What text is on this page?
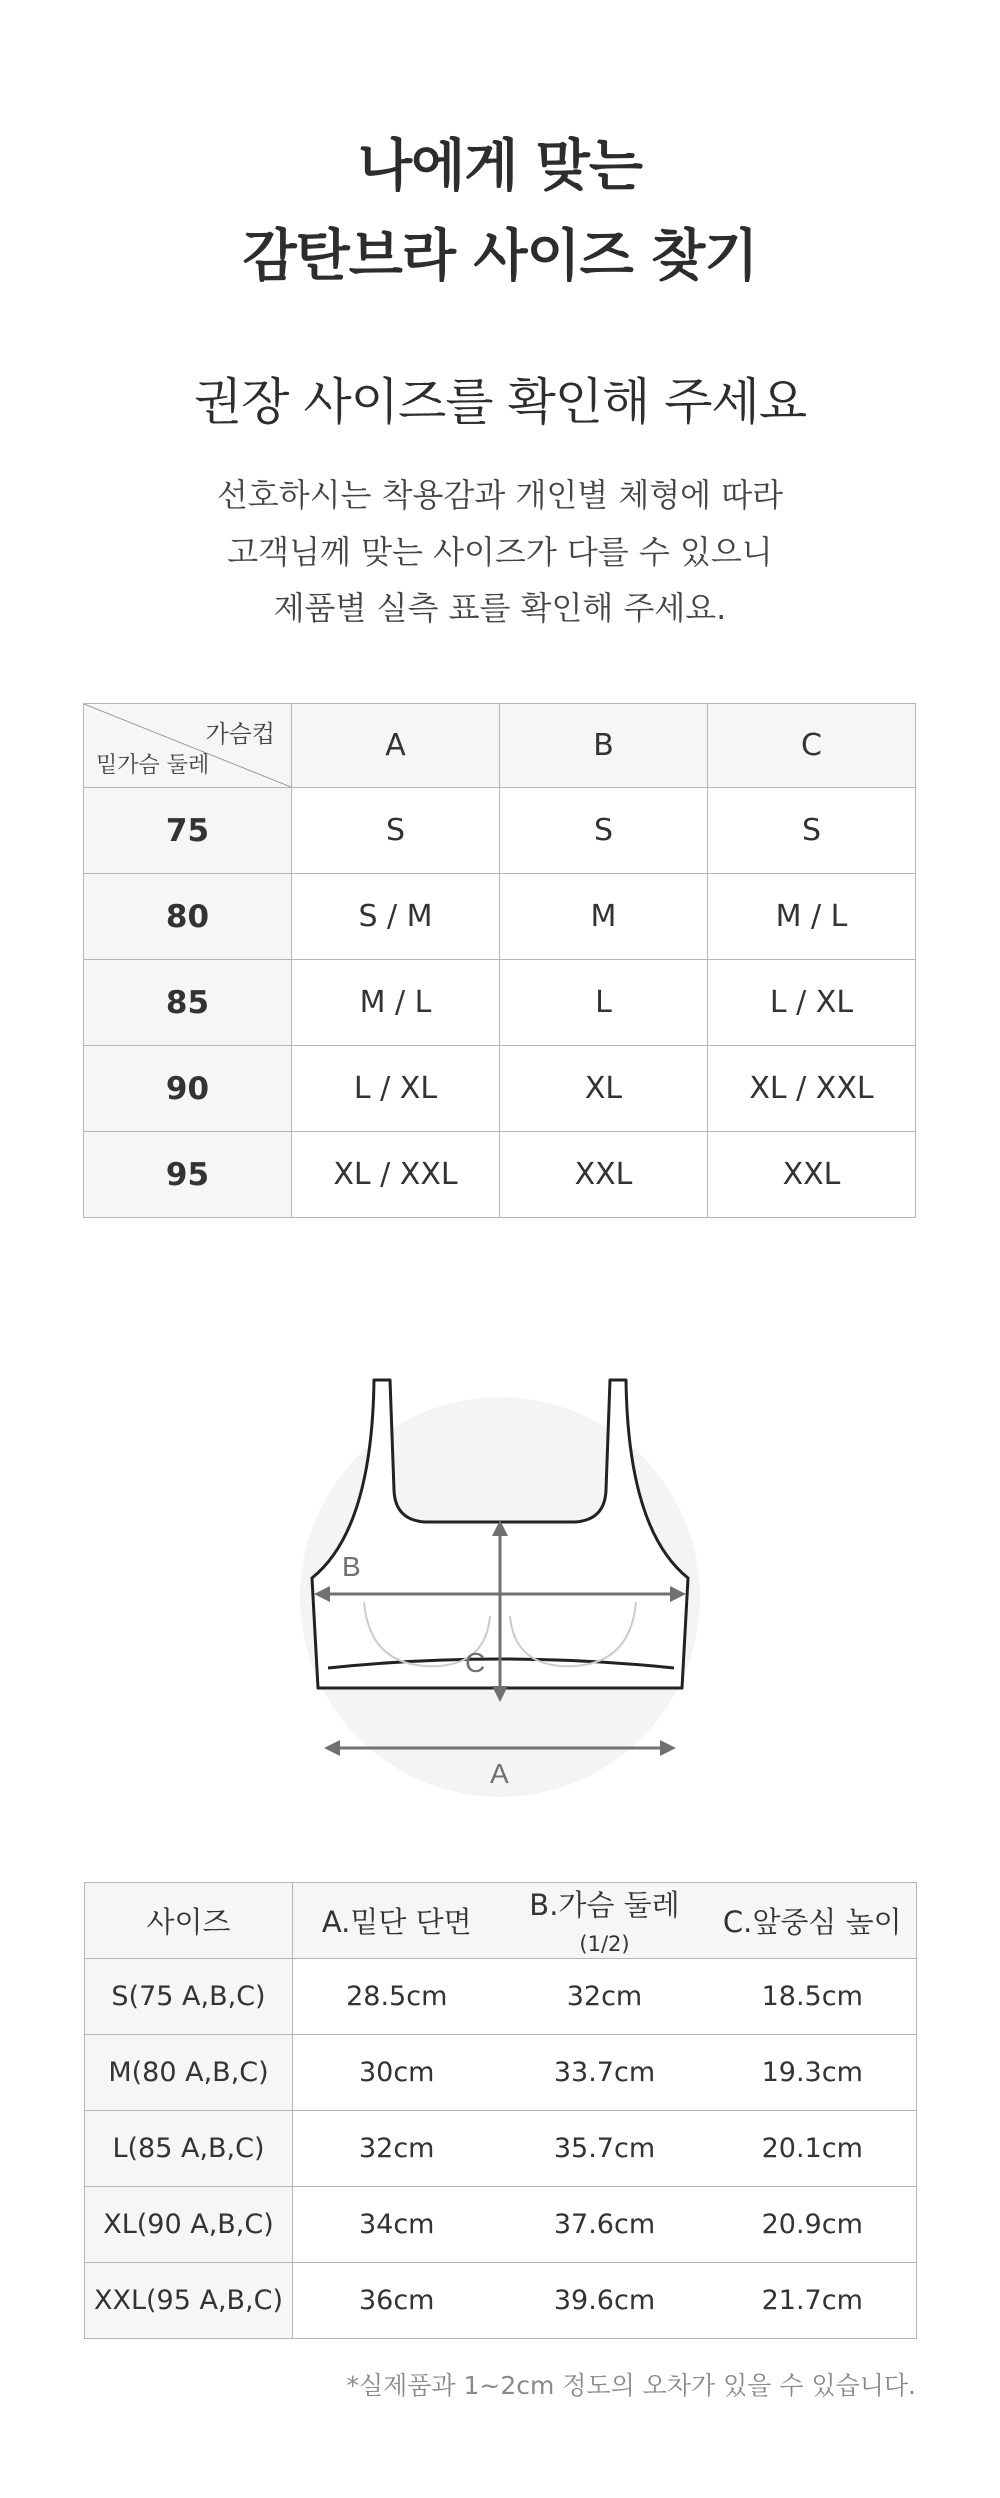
나에게 맞는
감탄브라 사이즈 찾기
권장 사이즈를 확인해 주세요
선호하시는 착용감과 개인별 체형에 따라
고객님께 맞는 사이즈가 다를 수 있으니
제품별 실측 표를 확인해 주세요.
가슴컵
밑가슴 둘레	A	B	C
75	S	S	S
80	S / M	M	M / L
85	M / L	L	L / XL
90	L / XL	XL	XL / XXL
95	XL / XXL	XXL	XXL
B
C
A
사이즈	A.밑단 단면	B.가슴 둘레 (1/2)	C.앞중심 높이
S(75 A,B,C)	28.5cm	32cm	18.5cm
M(80 A,B,C)	30cm	33.7cm	19.3cm
L(85 A,B,C)	32cm	35.7cm	20.1cm
XL(90 A,B,C)	34cm	37.6cm	20.9cm
XXL(95 A,B,C)	36cm	39.6cm	21.7cm
*실제품과 1~2cm 정도의 오차가 있을 수 있습니다.
